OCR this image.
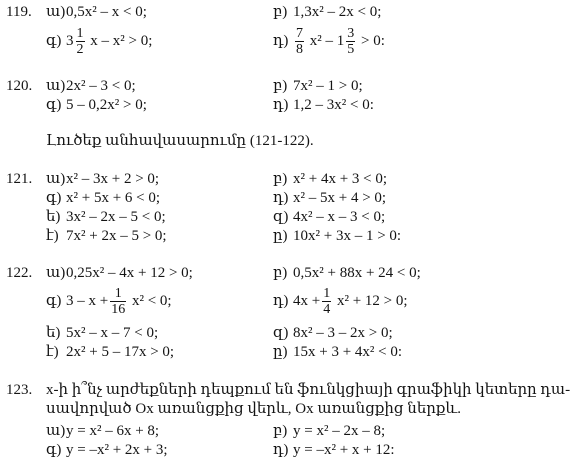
119. ա)0,5x² – x < 0;	բ) 1,3x² – 2x < 0;
գ) $3 \frac{1}{2}$ x – x² > 0;	դ) $\frac{7}{8} x^2 - 1 \frac{3}{5} > 0$:
120. ա)2x² – 3 < 0;	բ) 7x² – 1 > 0;
գ) 5 – 0,2x² > 0;	դ) 1,2 – 3x² < 0:
Լուծեք անհավասարումը (121-122).
121. ա)x² – 3x + 2 > 0;	բ) x² + 4x + 3 < 0;
գ) x² + 5x + 6 < 0;	դ) x² – 5x + 4 > 0;
ե) 3x² – 2x – 5 < 0;	զ) 4x² – x – 3 < 0;
է) 7x² + 2x – 5 > 0;	ը) 10x² + 3x – 1 > 0:
122. ա)0,25x² – 4x + 12 > 0;	բ) 0,5x² + 88x + 24 < 0;
գ) $3 - x + \frac{1}{16} x^2 < 0$;	դ) $4x + \frac{1}{4} x^2 + 12 > 0$;
ե) 5x² – x – 7 < 0;	զ) 8x² – 3 – 2x > 0;
է) 2x² + 5 – 17x > 0;	ը) 15x + 3 + 4x² < 0:
123. x-ի ի՞նչ արժեքների դեպքում են ֆունկցիայի գրաֆիկի կետերը դա-
սավորված Ox առանցքից վերև, Ox առանցքից ներքև.
ա)y = x² – 6x + 8;	բ) y = x² – 2x – 8;
գ) y = –x² + 2x + 3;	դ) y = –x² + x + 12:
